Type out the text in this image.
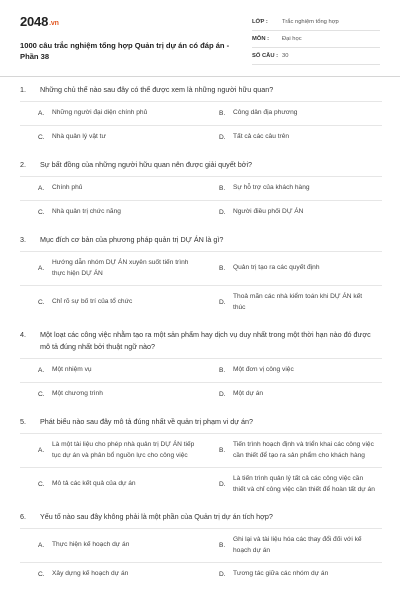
2048.vn
1000 câu trắc nghiệm tổng hợp Quản trị dự án có đáp án - Phần 38
LỚP :	Trắc nghiệm tổng hợp
MÔN :	Đại học
SỐ CÂU : 30
1.	Những chủ thể nào sau đây có thể được xem là những người hữu quan?
A.	Những người đại diện chính phủ	B.	Công dân địa phương
C.	Nhà quản lý vật tư	D.	Tất cả các câu trên
2.	Sự bất đồng của những người hữu quan nên được giải quyết bởi?
A.	Chính phủ	B.	Sự hỗ trợ của khách hàng
C.	Nhà quản trị chức năng	D.	Người điều phối DỰ ÁN
3.	Mục đích cơ bản của phương pháp quản trị DỰ ÁN là gì?
A.
Hướng dẫn nhóm DỰ ÁN xuyên suốt tiến trình thực hiện DỰ ÁN
B.	Quản trị tạo ra các quyết định
C.	Chỉ rõ sự bố trí của tổ chức	D.
Thoả mãn các nhà kiểm toán khi DỰ ÁN kết thúc
4.	Một loạt các công việc nhằm tạo ra một sản phẩm hay dịch vụ duy nhất trong một thời hạn nào đó được mô tả đúng nhất bởi thuật ngữ nào?
A.	Một nhiệm vụ	B.	Một đơn vị công việc
C.	Một chương trình	D.	Một dự án
5.	Phát biểu nào sau đây mô tả đúng nhất về quản trị phạm vi dự án?
A.
Là một tài liệu cho phép nhà quản trị DỰ ÁN tiếp tục dự án và phân bổ nguồn lực cho công việc
B.
Tiến trình hoạch định và triển khai các công việc cần thiết để tạo ra sản phẩm cho khách hàng
C.	Mô tả các kết quả của dự án	D.
Là tiến trình quản lý tất cả các công việc cần thiết và chỉ công việc cần thiết để hoàn tất dự án
6.	Yếu tố nào sau đây không phải là một phần của Quản trị dự án tích hợp?
A.	Thực hiện kế hoạch dự án	B.
Ghi lại và tài liệu hóa các thay đổi đối với kế hoạch dự án
C.	Xây dựng kế hoạch dự án	D.	Tương tác giữa các nhóm dự án
